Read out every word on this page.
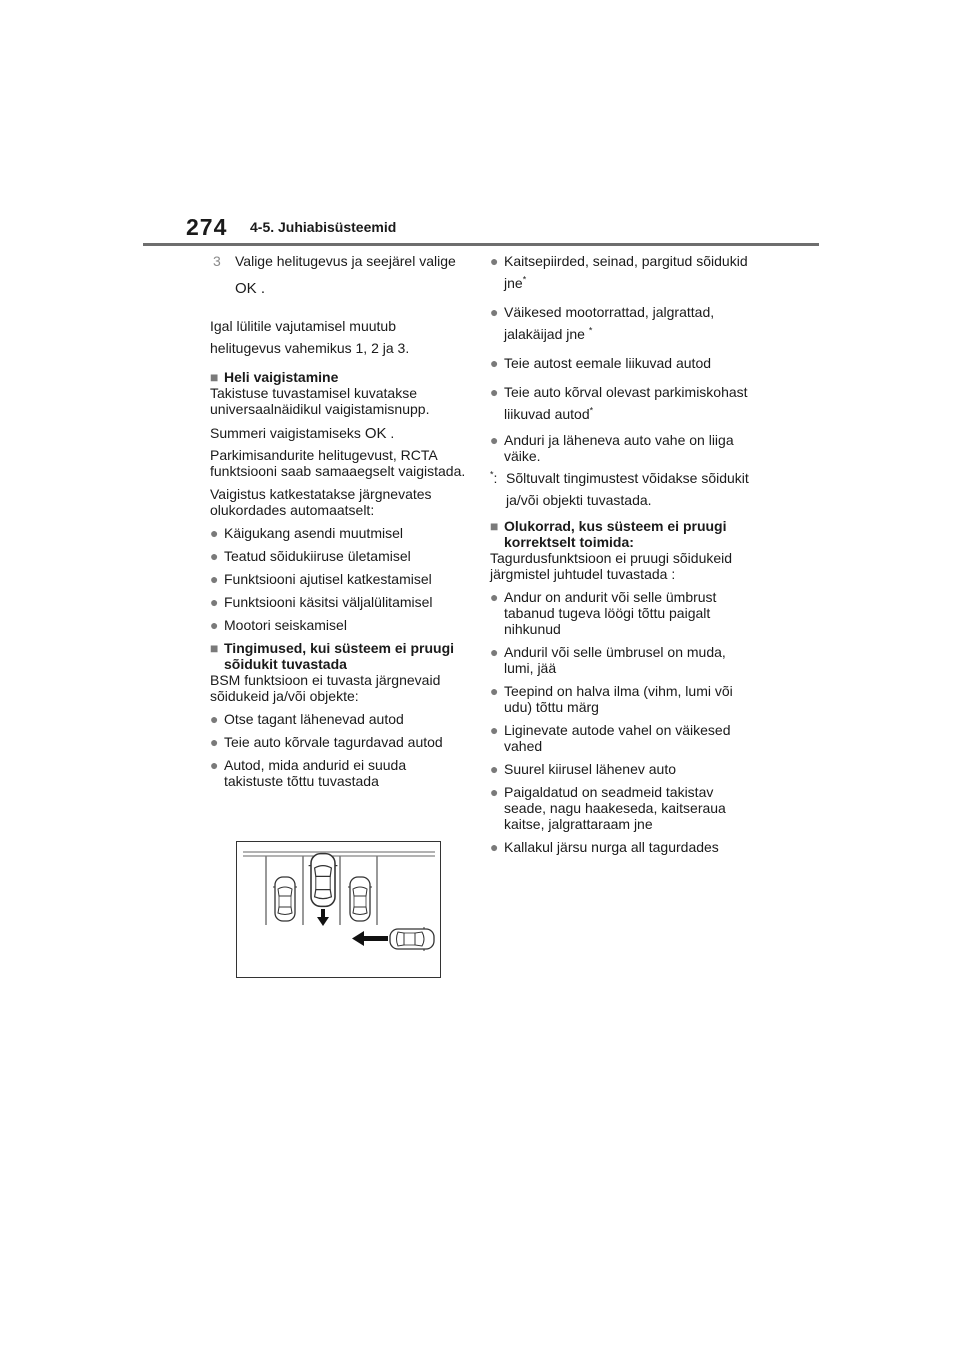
274 4-5. Juhiabisüsteemid
3	Valige helitugevus ja seejärel valige
OK .

Igal lülitile vajutamisel muutub helitugevus vahemikus 1, 2 ja 3.

■ Heli vaigistamine

Takistuse tuvastamisel kuvatakse universaalnäidikul vaigistamisnupp.

Summeri vaigistamiseks OK .

Parkimisandurite helitugevust, RCTA funktsiooni saab samaaegselt vaigistada.

Vaigistus katkestatakse järgnevates olukordades automaatselt:

● Käigukang asendi muutmisel
● Teatud sõidukiiruse ületamisel
● Funktsiooni ajutisel katkestamisel
● Funktsiooni käsitsi väljalülitamisel
● Mootori seiskamisel
■ Tingimused, kui süsteem ei pruugi sõidukit tuvastada

BSM funktsioon ei tuvasta järgnevaid sõidukeid ja/või objekte:

● Otse tagant lähenevad autod
● Teie auto kõrvale tagurdavad autod
● Autod, mida andurid ei suuda takistuste tõttu tuvastada
● Kaitsepiirded, seinad, pargitud sõidukid jne*
● Väikesed mootorrattad, jalgrattad, jalakäijad jne *
● Teie autost eemale liikuvad autod
● Teie auto kõrval olevast parkimiskohast liikuvad autod*
● Anduri ja läheneva auto vahe on liiga väike.
*: Sõltuvalt tingimustest võidakse sõidukit ja/või objekti tuvastada.
■ Olukorrad, kus süsteem ei pruugi korrektselt toimida:

Tagurdusfunktsioon ei pruugi sõidukeid järgmistel juhtudel tuvastada :

● Andur on andurit või selle ümbrust tabanud tugeva löögi tõttu paigalt nihkunud
● Anduril või selle ümbrusel on muda, lumi, jää
● Teepind on halva ilma (vihm, lumi või udu) tõttu märg
● Liginevate autode vahel on väikesed vahed
● Suurel kiirusel lähenev auto
● Paigaldatud on seadmeid takistav seade, nagu haakeseda, kaitseraua kaitse, jalgrattaraam jne
● Kallakul järsu nurga all tagurdades
